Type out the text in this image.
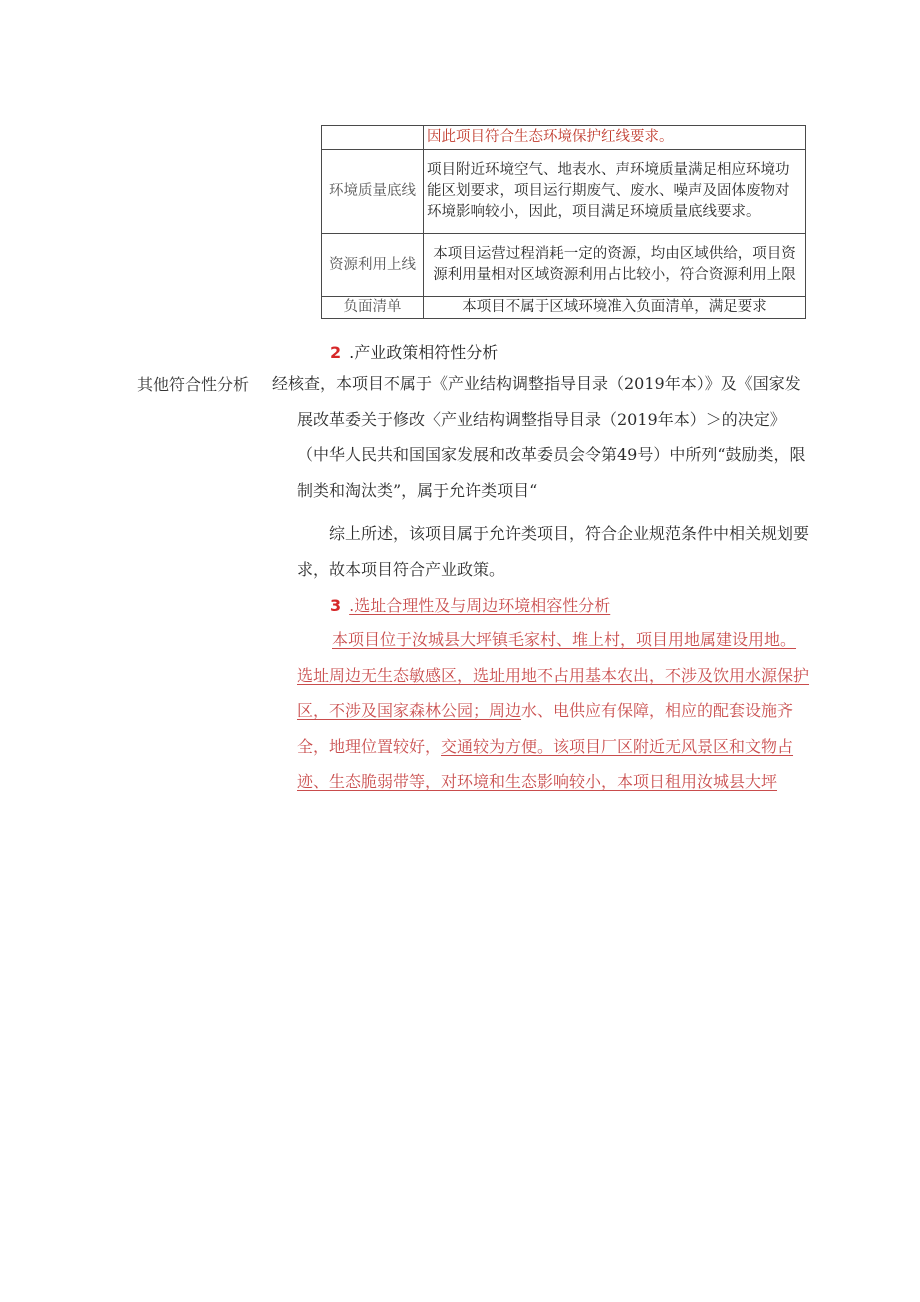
	因此项目符合生态环境保护红线要求。
环境质量底线	项目附近环境空气、地表水、声环境质量满足相应环境功能区划要求，项目运行期废气、废水、噪声及固体废物对环境影响较小，因此，项目满足环境质量底线要求。
资源利用上线	本项目运营过程消耗一定的资源，均由区域供给，项目资源利用量相对区域资源利用占比较小，符合资源利用上限
负面清单	本项目不属于区域环境准入负面清单，满足要求
2 .产业政策相符性分析
其他符合性分析 经核查，本项目不属于《产业结构调整指导目录（2019年本）》及《国家发展改革委关于修改〈产业结构调整指导目录（2019年本）＞的决定》（中华人民共和国国家发展和改革委员会令第49号）中所列“鼓励类，限制类和淘汰类”，属于允许类项目“

综上所述，该项目属于允许类项目，符合企业规范条件中相关规划要求，故本项目符合产业政策。

3 .选址合理性及与周边环境相容性分析

本项目位于汝城县大坪镇毛家村、堆上村，项目用地属建设用地。选址周边无生态敏感区，选址用地不占用基本农出，不涉及饮用水源保护区，不涉及国家森林公园；周边水、电供应有保障，相应的配套设施齐全，地理位置较好，交通较为方便。该项目厂区附近无风景区和文物占迹、生态脆弱带等，对环境和生态影响较小，本项日租用汝城县大坪
